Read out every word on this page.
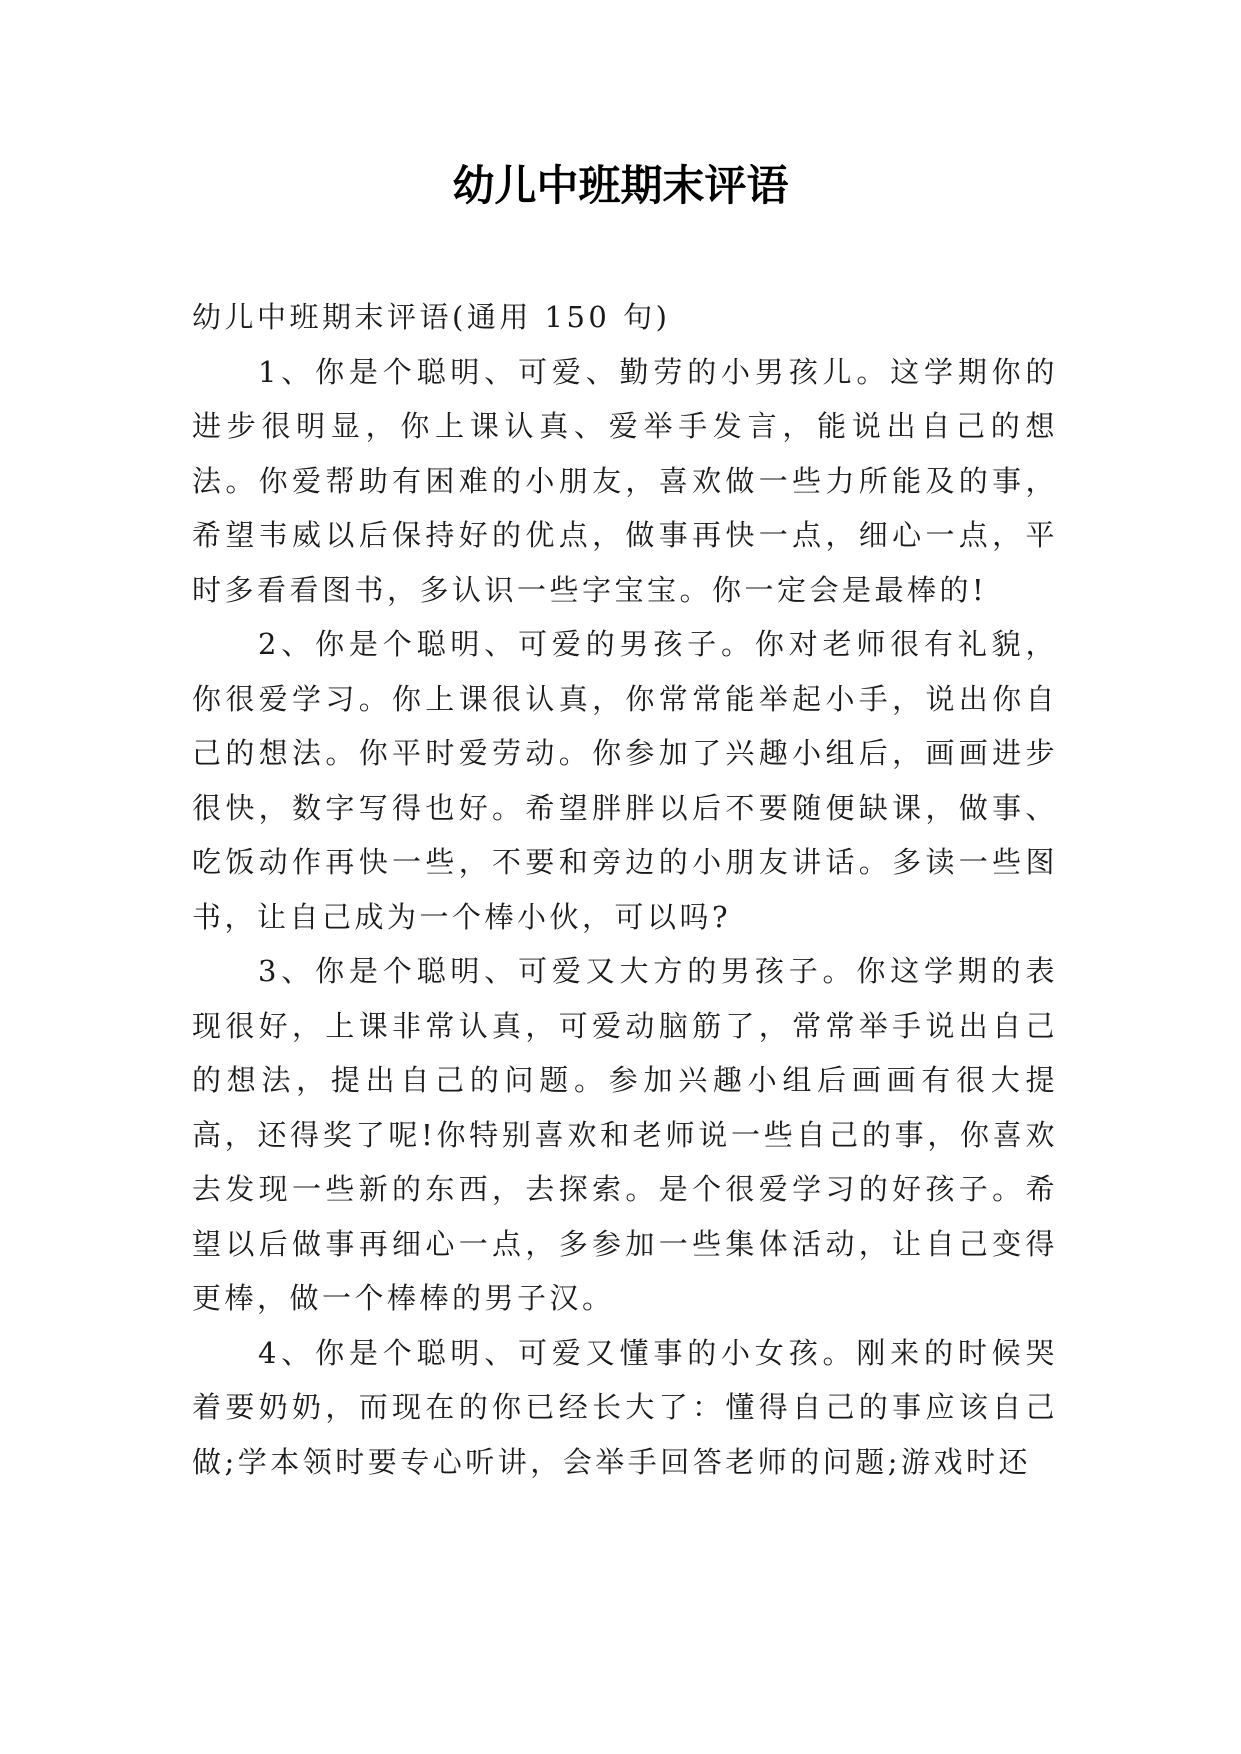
幼儿中班期末评语

幼儿中班期末评语(通用 150 句)

1、你是个聪明、可爱、勤劳的小男孩儿。这学期你的进步很明显，你上课认真、爱举手发言，能说出自己的想法。你爱帮助有困难的小朋友，喜欢做一些力所能及的事，希望韦威以后保持好的优点，做事再快一点，细心一点，平时多看看图书，多认识一些字宝宝。你一定会是最棒的!

2、你是个聪明、可爱的男孩子。你对老师很有礼貌，你很爱学习。你上课很认真，你常常能举起小手，说出你自己的想法。你平时爱劳动。你参加了兴趣小组后，画画进步很快，数字写得也好。希望胖胖以后不要随便缺课，做事、吃饭动作再快一些，不要和旁边的小朋友讲话。多读一些图书，让自己成为一个棒小伙，可以吗?

3、你是个聪明、可爱又大方的男孩子。你这学期的表现很好，上课非常认真，可爱动脑筋了，常常举手说出自己的想法，提出自己的问题。参加兴趣小组后画画有很大提高，还得奖了呢!你特别喜欢和老师说一些自己的事，你喜欢去发现一些新的东西，去探索。是个很爱学习的好孩子。希望以后做事再细心一点，多参加一些集体活动，让自己变得更棒，做一个棒棒的男子汉。

4、你是个聪明、可爱又懂事的小女孩。刚来的时候哭着要奶奶，而现在的你已经长大了：懂得自己的事应该自己做;学本领时要专心听讲，会举手回答老师的问题;游戏时还
